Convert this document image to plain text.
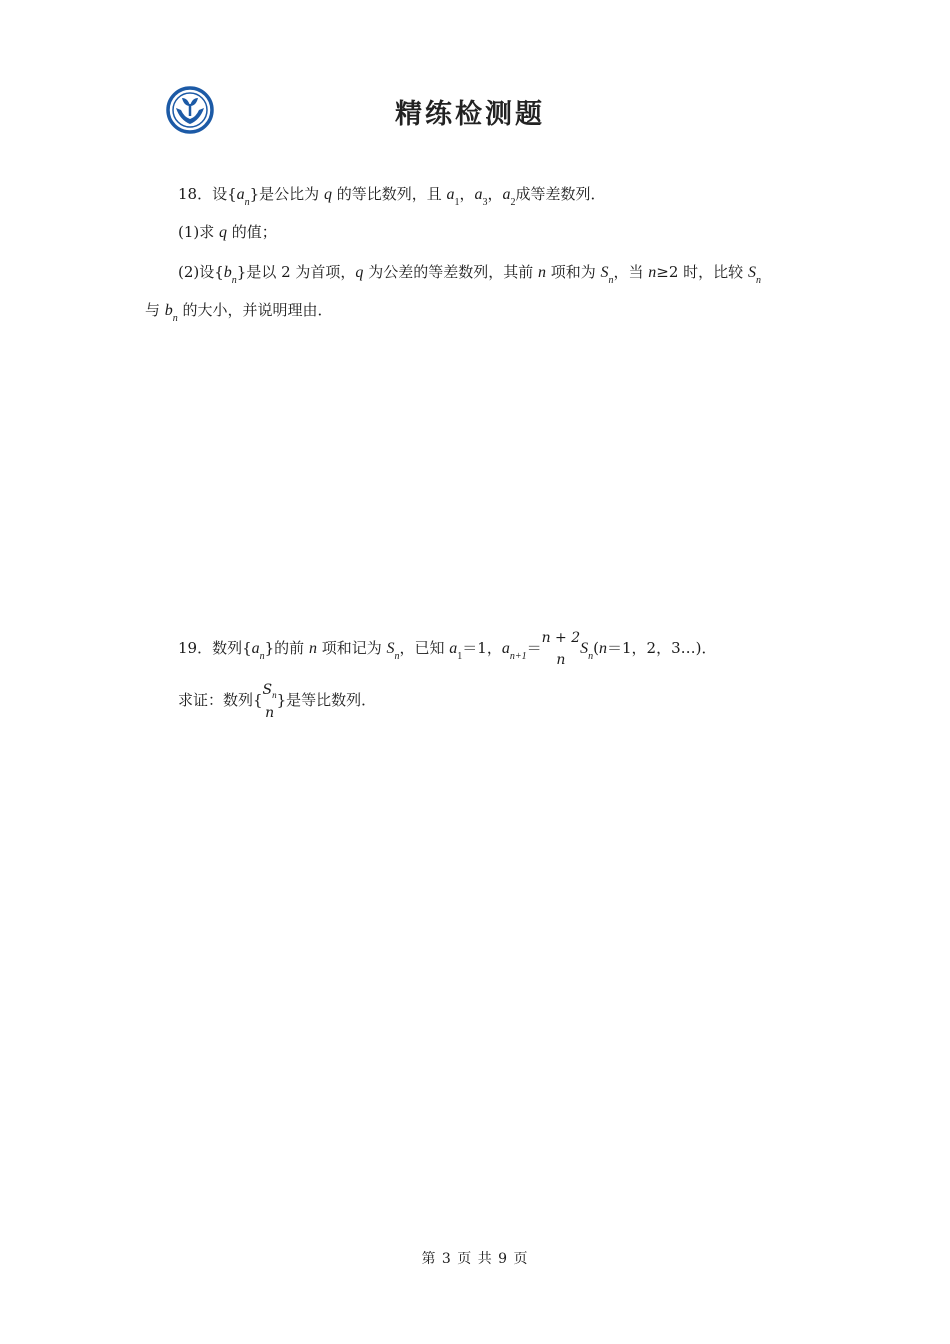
精练检测题
18．设$\{a_n\}$是公比为 q 的等比数列，且 $a_1$，$a_3$，$a_2$成等差数列．
(1)求 q 的值；
(2)设$\{b_n\}$是以 2 为首项，q 为公差的等差数列，其前 n 项和为 $S_n$，当 n≥2 时，比较 $S_n$
与 $b_n$ 的大小，并说明理由．
19．数列$\{a_n\}$的前 n 项和记为 $S_n$，已知 $a_1=1$，$a_{n+1}=$
n + 2
n
$S_n(n=1$，2，3…)．
求证：数列{
$S_n$
n
}是等比数列．
第 3 页 共 9 页
